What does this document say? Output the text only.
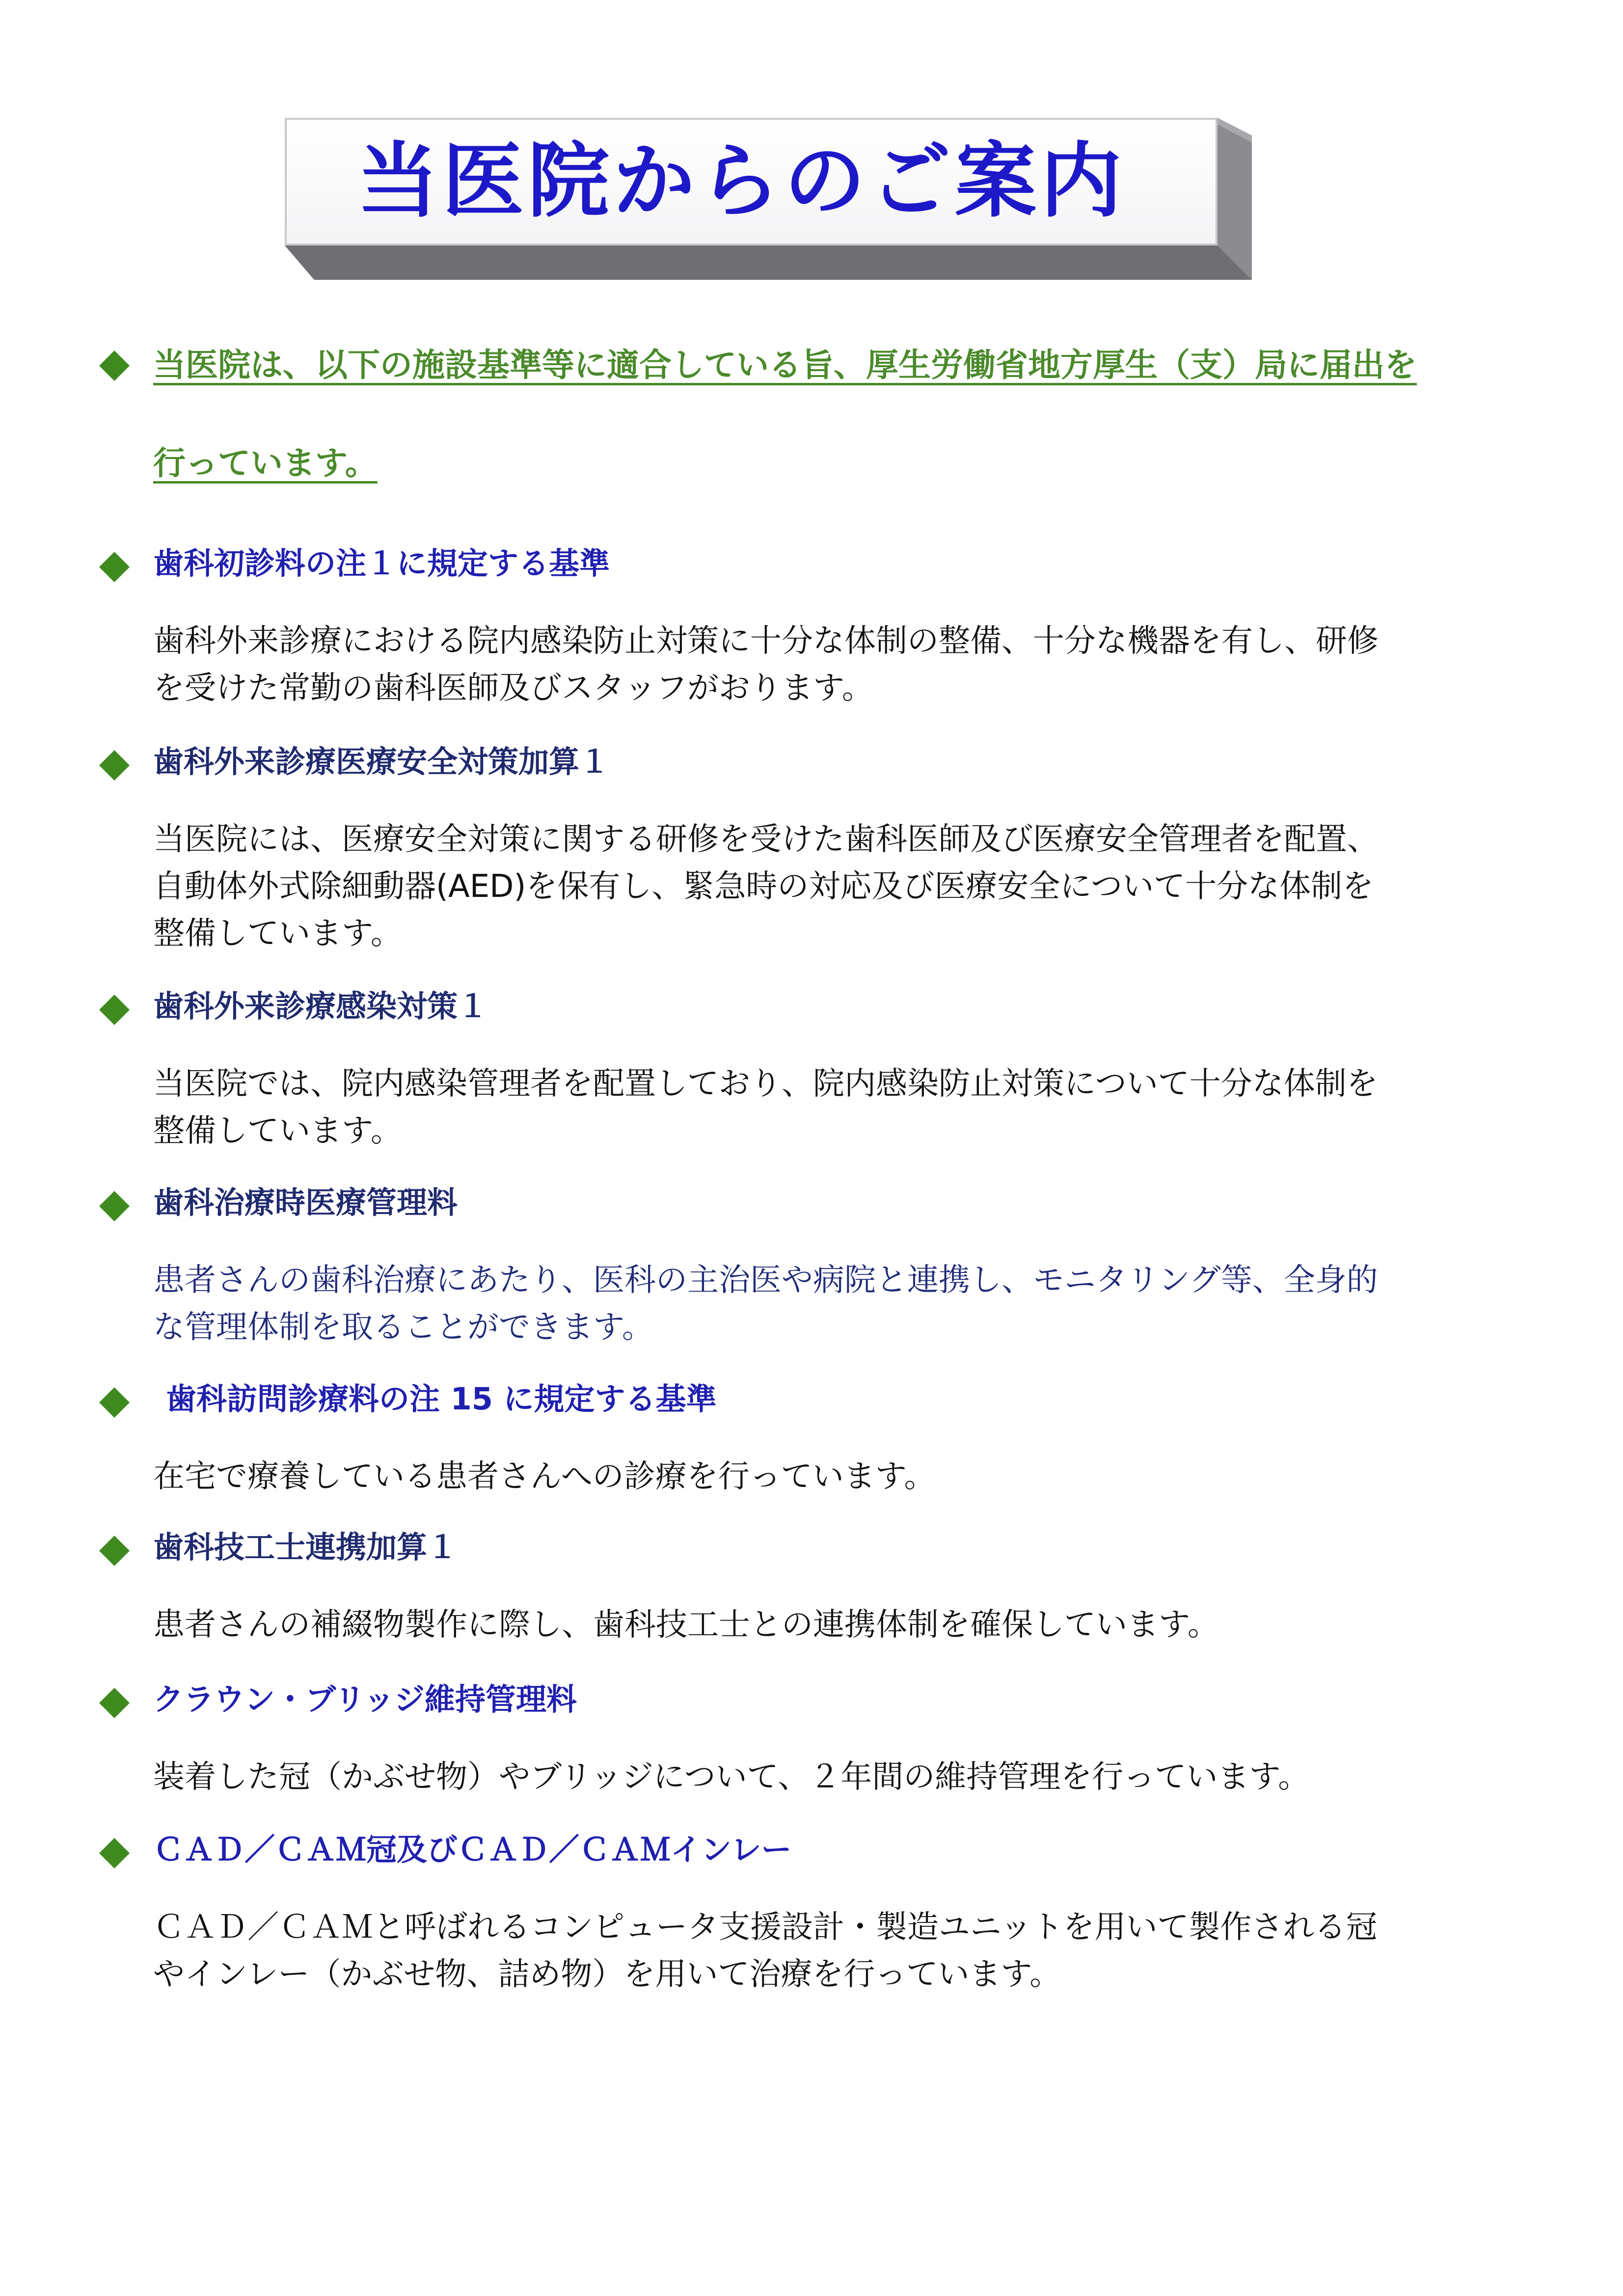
当医院からのご案内
当医院は、以下の施設基準等に適合している旨、厚生労働省地方厚生（支）局に届出を
行っています。
歯科初診料の注１に規定する基準
歯科外来診療における院内感染防止対策に十分な体制の整備、十分な機器を有し、研修
を受けた常勤の歯科医師及びスタッフがおります。
歯科外来診療医療安全対策加算１
当医院には、医療安全対策に関する研修を受けた歯科医師及び医療安全管理者を配置、
自動体外式除細動器(AED)を保有し、緊急時の対応及び医療安全について十分な体制を
整備しています。
歯科外来診療感染対策１
当医院では、院内感染管理者を配置しており、院内感染防止対策について十分な体制を
整備しています。
歯科治療時医療管理料
患者さんの歯科治療にあたり、医科の主治医や病院と連携し、モニタリング等、全身的
な管理体制を取ることができます。
歯科訪問診療料の注 15 に規定する基準
在宅で療養している患者さんへの診療を行っています。
歯科技工士連携加算１
患者さんの補綴物製作に際し、歯科技工士との連携体制を確保しています。
クラウン・ブリッジ維持管理料
装着した冠（かぶせ物）やブリッジについて、２年間の維持管理を行っています。
ＣＡＤ／ＣＡＭ冠及びＣＡＤ／ＣＡＭインレー
ＣＡＤ／ＣＡＭと呼ばれるコンピュータ支援設計・製造ユニットを用いて製作される冠
やインレー（かぶせ物、詰め物）を用いて治療を行っています。
